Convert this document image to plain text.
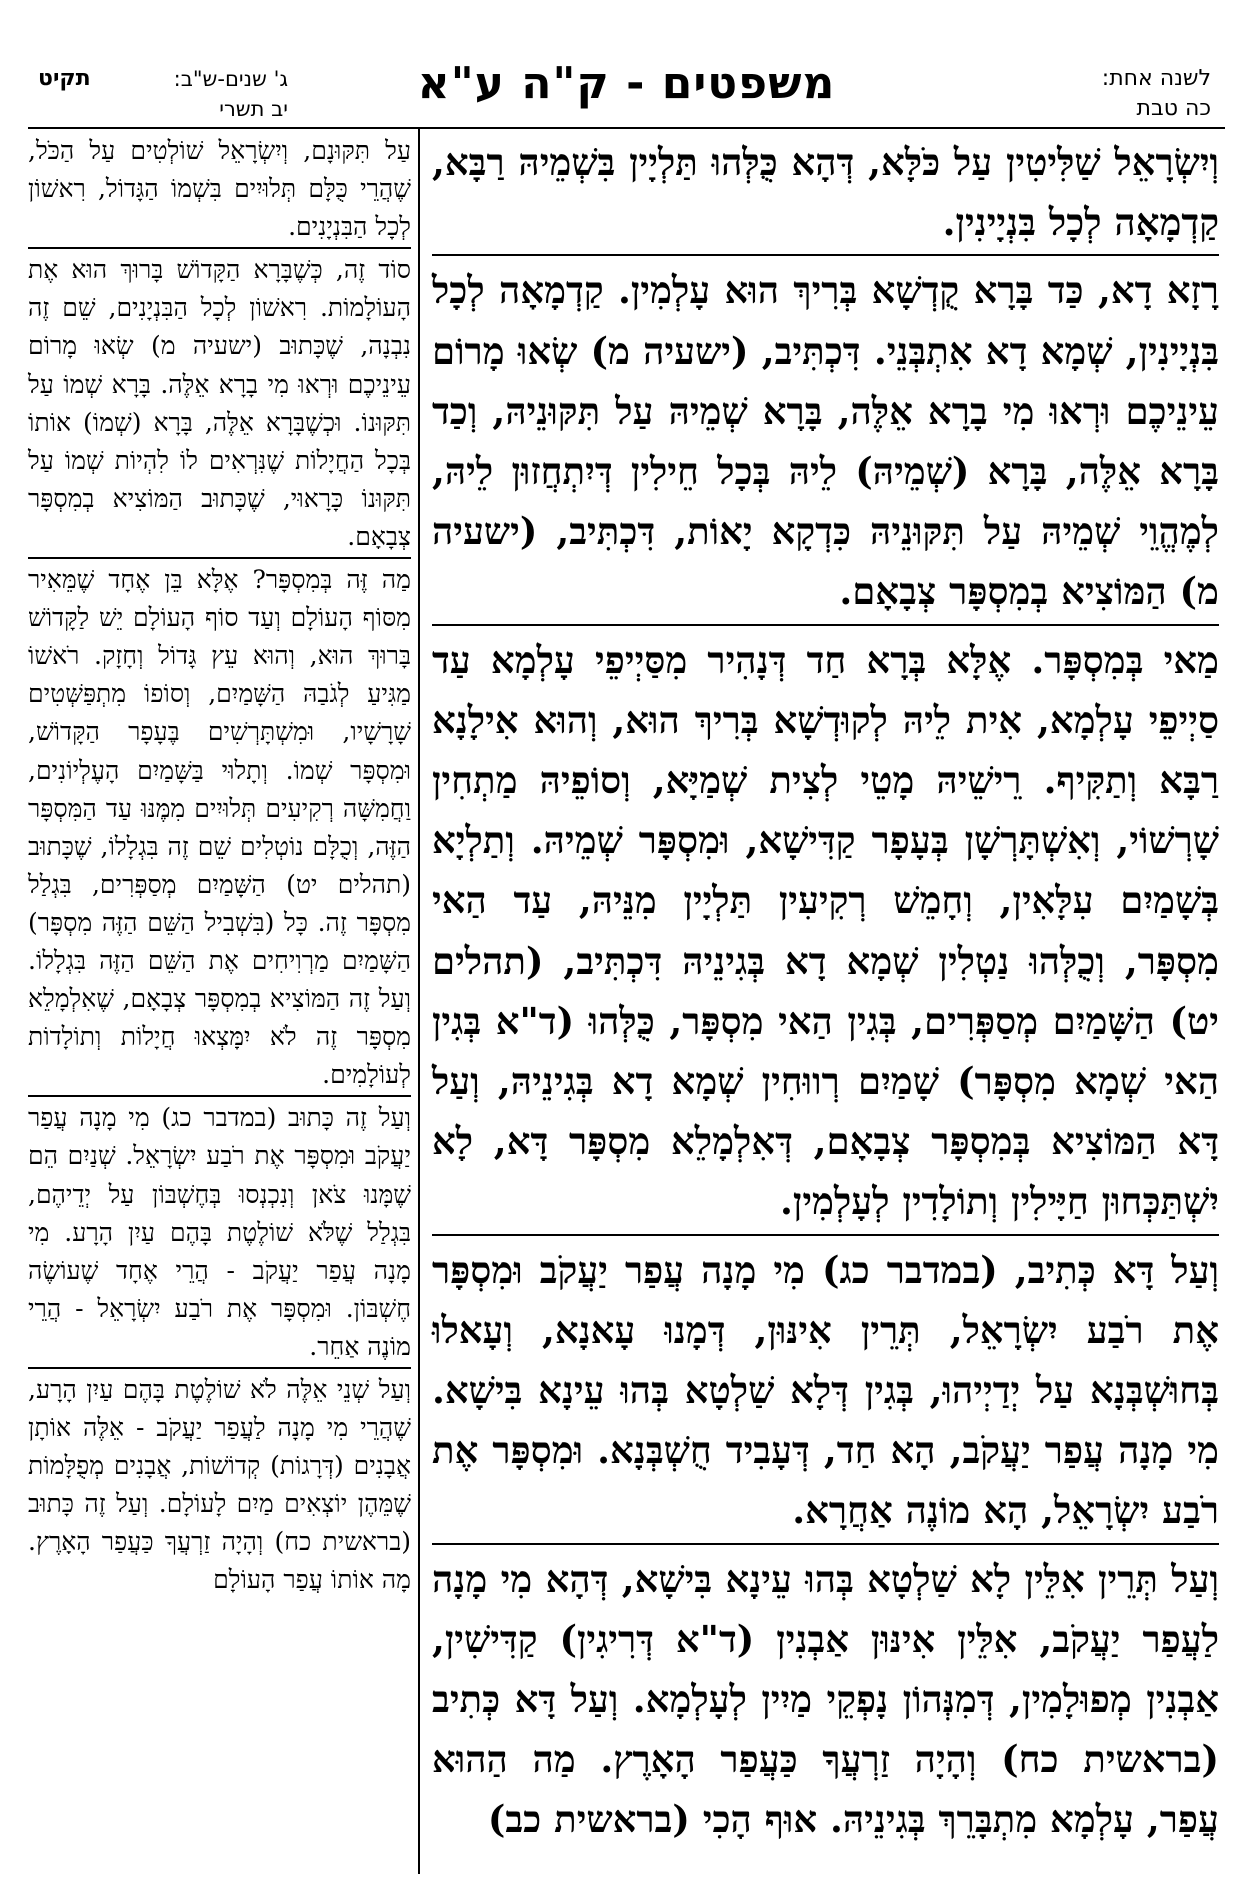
לשנה אחת:
כה טבת
משפטים - ק"ה ע"א
תקיט	ג' שנים-ש"ב:
יב תשרי

וְיִשְׂרָאֵל שַׁלִּיטִין עַל כֹּלָּא, דְּהָא כֻּלְּהוּ תַּלְיָין בִּשְׁמֵיהּ רַבָּא, קַדְמָאָה לְכָל בִּנְיָינִין.

רָזָא דָא, כַּד בָּרָא קֻדְשָׁא בְּרִיךְ הוּא עָלְמִין. קַדְמָאָה לְכָל בִּנְיָינִין, שְׁמָא דָא אִתְבְּנֵי. דִּכְתִּיב, (ישעיה מ) שְׂאוּ מָרוֹם עֵינֵיכֶם וּרְאוּ מִי בָרָא אֵלֶּה, בָּרָא שְׁמֵיהּ עַל תִּקּוּנֵיהּ, וְכַד בָּרָא אֵלֶּה, בָּרָא (שְׁמֵיהּ) לֵיהּ בְּכָל חֵילִין דְּיִתְחֲזוּן לֵיהּ, לְמֶהֱוֵי שְׁמֵיהּ עַל תִּקּוּנֵיהּ כִּדְקָא יָאוֹת, דִּכְתִּיב, (ישעיה מ) הַמּוֹצִיא בְמִסְפָּר צְבָאָם.

מַאי בְּמִסְפָּר. אֶלָּא בְּרָא חַד דְּנָהִיר מִסַּיְיפֵי עָלְמָא עַד סַיְיפֵי עָלְמָא, אִית לֵיהּ לְקוּדְשָׁא בְּרִיךְ הוּא, וְהוּא אִילָנָא רַבָּא וְתַקִּיף. רֵישֵׁיהּ מָטֵי לְצִית שְׁמַיָּא, וְסוֹפֵיהּ מַתְחִין שָׁרְשׁוֹי, וְאִשְׁתָּרְשָׁן בְּעָפָר קַדִּישָׁא, וּמִסְפָּר שְׁמֵיהּ. וְתַלְיָא בְּשָׁמַיִם עִלָּאִין, וְחָמֵשׁ רְקִיעִין תַּלְיָין מִנֵּיהּ, עַד הַאי מִסְפָּר, וְכֻלְּהוּ נַטְלִין שְׁמָא דָא בְּגִינֵיהּ דִּכְתִּיב, (תהלים יט) הַשָּׁמַיִם מְסַפְּרִים, בְּגִין הַאי מִסְפָּר, כֻּלְּהוּ (ד"א בְּגִין הַאי שְׁמָא מִסְפָּר) שָׁמַיִם רְווּחִין שְׁמָא דָא בְּגִינֵיהּ, וְעַל דָּא הַמּוֹצִיא בְּמִסְפָּר צְבָאָם, דְּאִלְמָלֵא מִסְפָּר דָּא, לָא יִשְׁתַּכְּחוּן חַיָּילִין וְתוֹלָדִין לְעָלְמִין.

וְעַל דָּא כְּתִיב, (במדבר כג) מִי מָנָה עֲפַר יַעֲקֹב וּמִסְפָּר אֶת רֹבַע יִשְׂרָאֵל, תְּרֵין אִינּוּן, דְּמָנוּ עָאנָא, וְעָאלוּ בְּחוּשְׁבְּנָא עַל יְדַיְיהוּ, בְּגִין דְּלָא שַׁלְטָא בְּהוּ עֵינָא בִּישָׁא. מִי מָנָה עֲפַר יַעֲקֹב, הָא חַד, דְּעָבִיד חֻשְׁבְּנָא. וּמִסְפָּר אֶת רֹבַע יִשְׂרָאֵל, הָא מוֹנֶה אַחֲרָא.

וְעַל תְּרֵין אִלֵּין לָא שַׁלְטָא בְּהוּ עֵינָא בִּישָׁא, דְּהָא מִי מָנָה לַעֲפַר יַעֲקֹב, אִלֵּין אִינּוּן אַבְנִין (ד"א דְּרִיגִין) קַדִּישִׁין, אַבְנִין מְפוּלָמִין, דְּמִנְּהוֹן נָפְקֵי מַיִין לְעָלְמָא. וְעַל דָּא כְּתִיב (בראשית כח) וְהָיָה זַרְעֲךָ כַּעֲפַר הָאָרֶץ. מַה הַהוּא עֲפַר, עָלְמָא מִתְבָּרֵךְ בְּגִינֵיהּ. אוּף הָכִי (בראשית כב)

עַל תִּקּוּנָם, וְיִשְׂרָאֵל שׁוֹלְטִים עַל הַכֹּל, שֶׁהֲרֵי כֻּלָּם תְּלוּיִים בִּשְׁמוֹ הַגָּדוֹל, רִאשׁוֹן לְכָל הַבִּנְיָנִים.

סוֹד זֶה, כְּשֶׁבָּרָא הַקָּדוֹשׁ בָּרוּךְ הוּא אֶת הָעוֹלָמוֹת. רִאשׁוֹן לְכָל הַבִּנְיָנִים, שֵׁם זֶה נִבְנָה, שֶׁכָּתוּב (ישעיה מ) שְׂאוּ מָרוֹם עֵינֵיכֶם וּרְאוּ מִי בָרָא אֵלֶּה. בָּרָא שְׁמוֹ עַל תִּקּוּנוֹ. וּכְשֶׁבָּרָא אֵלֶּה, בָּרָא (שְׁמוֹ) אוֹתוֹ בְּכָל הַחֲיָלוֹת שֶׁנִּרְאִים לוֹ לִהְיוֹת שְׁמוֹ עַל תִּקּוּנוֹ כָּרָאוּי, שֶׁכָּתוּב הַמּוֹצִיא בְמִסְפָּר צְבָאָם.

מַה זֶּה בְּמִסְפָּר? אֶלָּא בֵּן אֶחָד שֶׁמֵּאִיר מִסּוֹף הָעוֹלָם וְעַד סוֹף הָעוֹלָם יֵשׁ לַקָּדוֹשׁ בָּרוּךְ הוּא, וְהוּא עֵץ גָּדוֹל וְחָזָק. רֹאשׁוֹ מַגִּיעַ לְגֹבַהּ הַשָּׁמַיִם, וְסוֹפוֹ מִתְפַּשְּׁטִים שָׁרָשָׁיו, וּמִשְׁתָּרְשִׁים בֶּעָפָר הַקָּדוֹשׁ, וּמִסְפָּר שְׁמוֹ. וְתָלוּי בַּשָּׁמַיִם הָעֶלְיוֹנִים, וַחֲמִשָּׁה רְקִיעִים תְּלוּיִים מִמֶּנּוּ עַד הַמִּסְפָּר הַזֶּה, וְכֻלָּם נוֹטְלִים שֵׁם זֶה בִּגְלָלוֹ, שֶׁכָּתוּב (תהלים יט) הַשָּׁמַיִם מְסַפְּרִים, בִּגְלַל מִסְפָּר זֶה. כָּל (בִּשְׁבִיל הַשֵּׁם הַזֶּה מִסְפָּר) הַשָּׁמַיִם מַרְוִיחִים אֶת הַשֵּׁם הַזֶּה בִּגְלָלוֹ. וְעַל זֶה הַמּוֹצִיא בְמִסְפָּר צְבָאָם, שֶׁאִלְמָלֵא מִסְפָּר זֶה לֹא יִמָּצְאוּ חֲיָלוֹת וְתוֹלָדוֹת לְעוֹלָמִים.

וְעַל זֶה כָּתוּב (במדבר כג) מִי מָנָה עֲפַר יַעֲקֹב וּמִסְפָּר אֶת רֹבַע יִשְׂרָאֵל. שְׁנַיִם הֵם שֶׁמָּנוּ צֹאן וְנִכְנְסוּ בְּחֶשְׁבּוֹן עַל יְדֵיהֶם, בִּגְלַל שֶׁלֹּא שׁוֹלֶטֶת בָּהֶם עַיִן הָרָע. מִי מָנָה עֲפַר יַעֲקֹב - הֲרֵי אֶחָד שֶׁעוֹשֶׂה חֶשְׁבּוֹן. וּמִסְפָּר אֶת רֹבַע יִשְׂרָאֵל - הֲרֵי מוֹנֶה אַחֵר.

וְעַל שְׁנֵי אֵלֶּה לֹא שׁוֹלֶטֶת בָּהֶם עַיִן הָרָע, שֶׁהֲרֵי מִי מָנָה לַעֲפַר יַעֲקֹב - אֵלֶּה אוֹתָן אֲבָנִים (דְּרָגוֹת) קְדוֹשׁוֹת, אֲבָנִים מְפֻלָּמוֹת שֶׁמֵּהֶן יוֹצְאִים מַיִם לָעוֹלָם. וְעַל זֶה כָּתוּב (בראשית כח) וְהָיָה זַרְעֲךָ כַּעֲפַר הָאָרֶץ. מָה אוֹתוֹ עֲפַר הָעוֹלָם
